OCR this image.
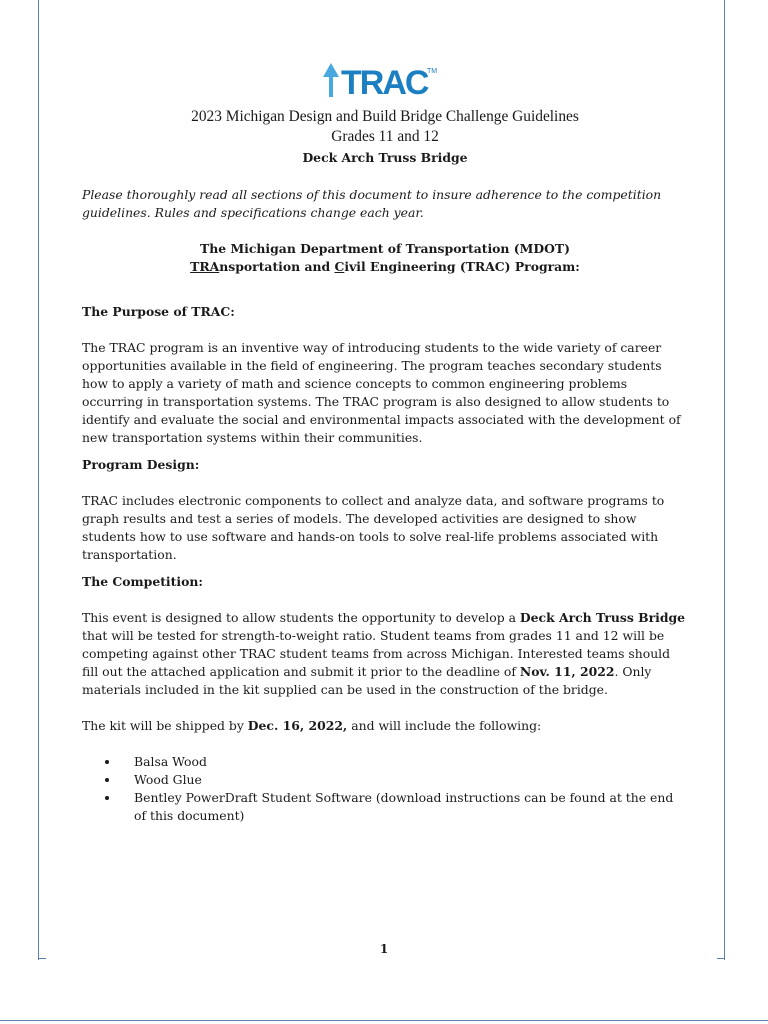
TRAC TM
2023 Michigan Design and Build Bridge Challenge Guidelines
Grades 11 and 12
Deck Arch Truss Bridge

Please thoroughly read all sections of this document to insure adherence to the competition guidelines. Rules and specifications change each year.

The Michigan Department of Transportation (MDOT)
TRAnsportation and Civil Engineering (TRAC) Program:

The Purpose of TRAC:

The TRAC program is an inventive way of introducing students to the wide variety of career opportunities available in the field of engineering. The program teaches secondary students how to apply a variety of math and science concepts to common engineering problems occurring in transportation systems. The TRAC program is also designed to allow students to identify and evaluate the social and environmental impacts associated with the development of new transportation systems within their communities.

Program Design:

TRAC includes electronic components to collect and analyze data, and software programs to graph results and test a series of models. The developed activities are designed to show students how to use software and hands-on tools to solve real-life problems associated with transportation.

The Competition:

This event is designed to allow students the opportunity to develop a Deck Arch Truss Bridge that will be tested for strength-to-weight ratio. Student teams from grades 11 and 12 will be competing against other TRAC student teams from across Michigan. Interested teams should fill out the attached application and submit it prior to the deadline of Nov. 11, 2022. Only materials included in the kit supplied can be used in the construction of the bridge.

The kit will be shipped by Dec. 16, 2022, and will include the following:

• Balsa Wood
• Wood Glue
• Bentley PowerDraft Student Software (download instructions can be found at the end of this document)
1
